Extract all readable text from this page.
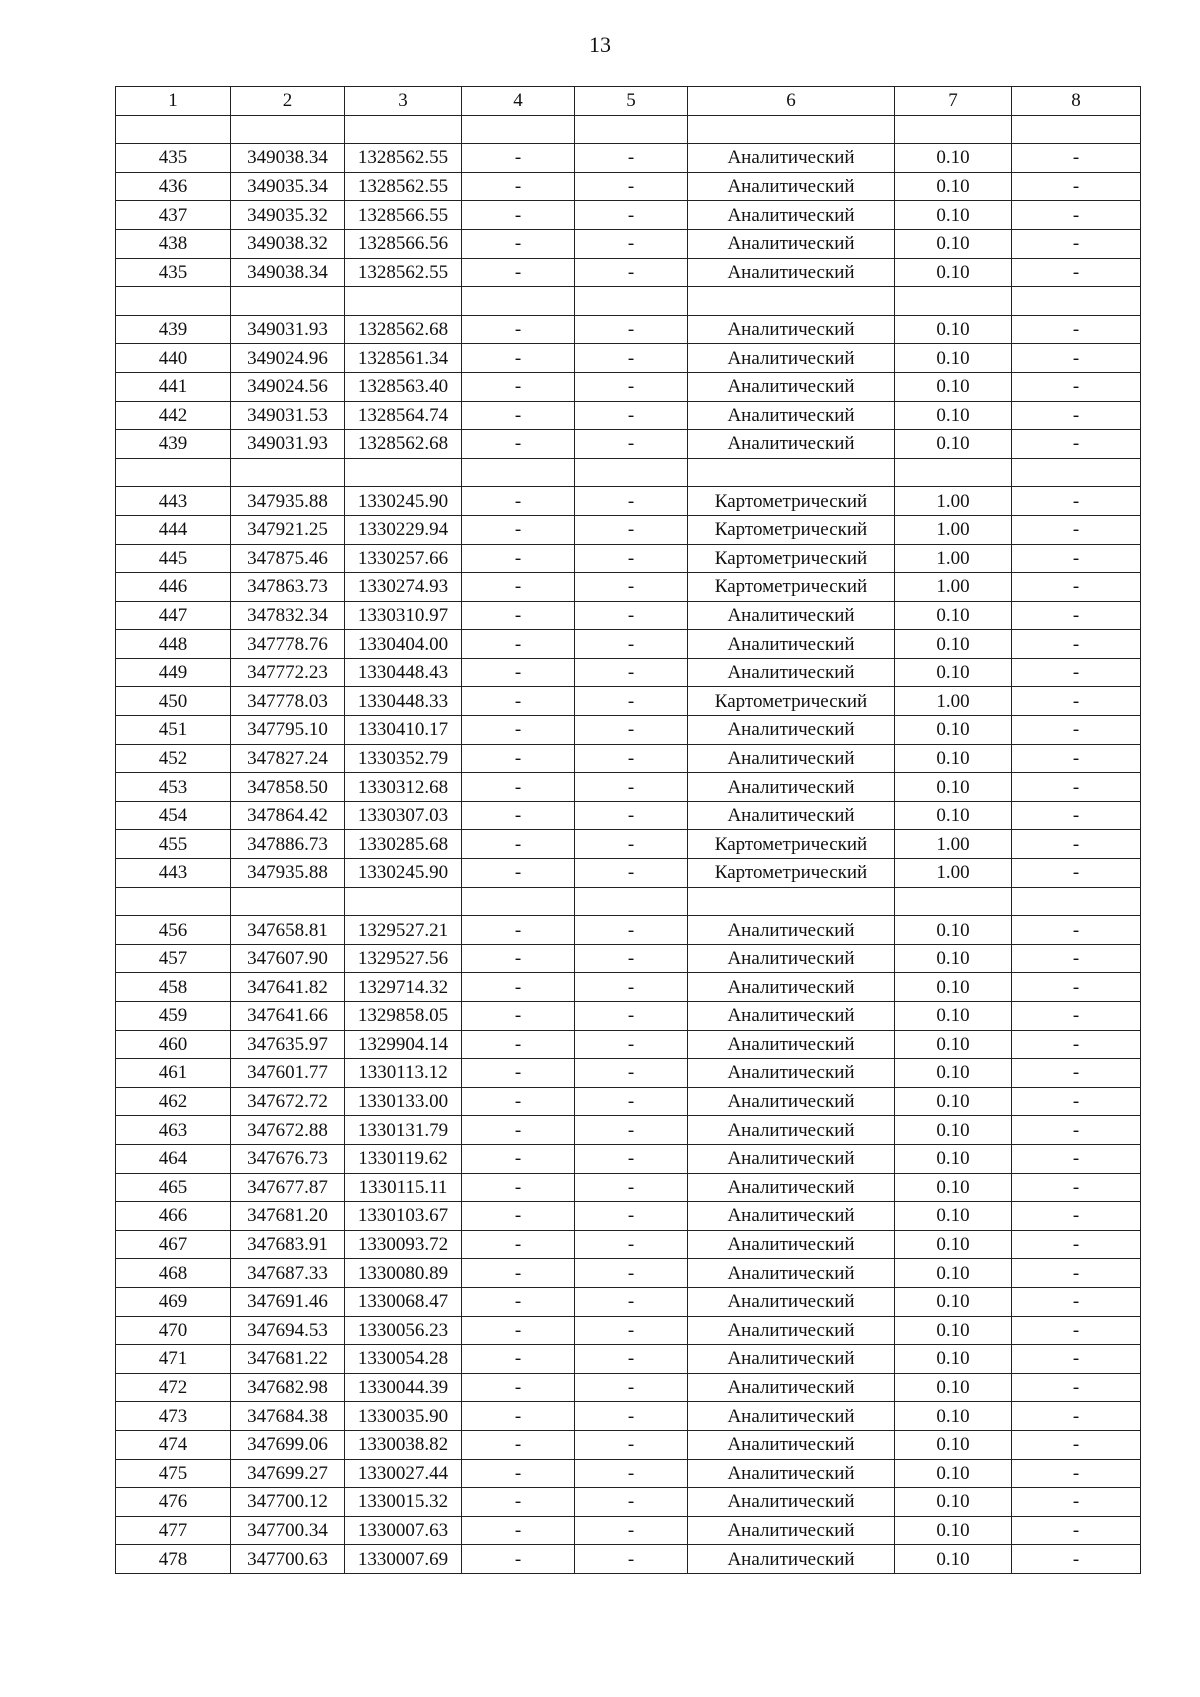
13
1	2	3	4	5	6	7	8

435	349038.34	1328562.55	-	-	Аналитический	0.10	-
436	349035.34	1328562.55	-	-	Аналитический	0.10	-
437	349035.32	1328566.55	-	-	Аналитический	0.10	-
438	349038.32	1328566.56	-	-	Аналитический	0.10	-
435	349038.34	1328562.55	-	-	Аналитический	0.10	-

439	349031.93	1328562.68	-	-	Аналитический	0.10	-
440	349024.96	1328561.34	-	-	Аналитический	0.10	-
441	349024.56	1328563.40	-	-	Аналитический	0.10	-
442	349031.53	1328564.74	-	-	Аналитический	0.10	-
439	349031.93	1328562.68	-	-	Аналитический	0.10	-

443	347935.88	1330245.90	-	-	Картометрический	1.00	-
444	347921.25	1330229.94	-	-	Картометрический	1.00	-
445	347875.46	1330257.66	-	-	Картометрический	1.00	-
446	347863.73	1330274.93	-	-	Картометрический	1.00	-
447	347832.34	1330310.97	-	-	Аналитический	0.10	-
448	347778.76	1330404.00	-	-	Аналитический	0.10	-
449	347772.23	1330448.43	-	-	Аналитический	0.10	-
450	347778.03	1330448.33	-	-	Картометрический	1.00	-
451	347795.10	1330410.17	-	-	Аналитический	0.10	-
452	347827.24	1330352.79	-	-	Аналитический	0.10	-
453	347858.50	1330312.68	-	-	Аналитический	0.10	-
454	347864.42	1330307.03	-	-	Аналитический	0.10	-
455	347886.73	1330285.68	-	-	Картометрический	1.00	-
443	347935.88	1330245.90	-	-	Картометрический	1.00	-

456	347658.81	1329527.21	-	-	Аналитический	0.10	-
457	347607.90	1329527.56	-	-	Аналитический	0.10	-
458	347641.82	1329714.32	-	-	Аналитический	0.10	-
459	347641.66	1329858.05	-	-	Аналитический	0.10	-
460	347635.97	1329904.14	-	-	Аналитический	0.10	-
461	347601.77	1330113.12	-	-	Аналитический	0.10	-
462	347672.72	1330133.00	-	-	Аналитический	0.10	-
463	347672.88	1330131.79	-	-	Аналитический	0.10	-
464	347676.73	1330119.62	-	-	Аналитический	0.10	-
465	347677.87	1330115.11	-	-	Аналитический	0.10	-
466	347681.20	1330103.67	-	-	Аналитический	0.10	-
467	347683.91	1330093.72	-	-	Аналитический	0.10	-
468	347687.33	1330080.89	-	-	Аналитический	0.10	-
469	347691.46	1330068.47	-	-	Аналитический	0.10	-
470	347694.53	1330056.23	-	-	Аналитический	0.10	-
471	347681.22	1330054.28	-	-	Аналитический	0.10	-
472	347682.98	1330044.39	-	-	Аналитический	0.10	-
473	347684.38	1330035.90	-	-	Аналитический	0.10	-
474	347699.06	1330038.82	-	-	Аналитический	0.10	-
475	347699.27	1330027.44	-	-	Аналитический	0.10	-
476	347700.12	1330015.32	-	-	Аналитический	0.10	-
477	347700.34	1330007.63	-	-	Аналитический	0.10	-
478	347700.63	1330007.69	-	-	Аналитический	0.10	-
